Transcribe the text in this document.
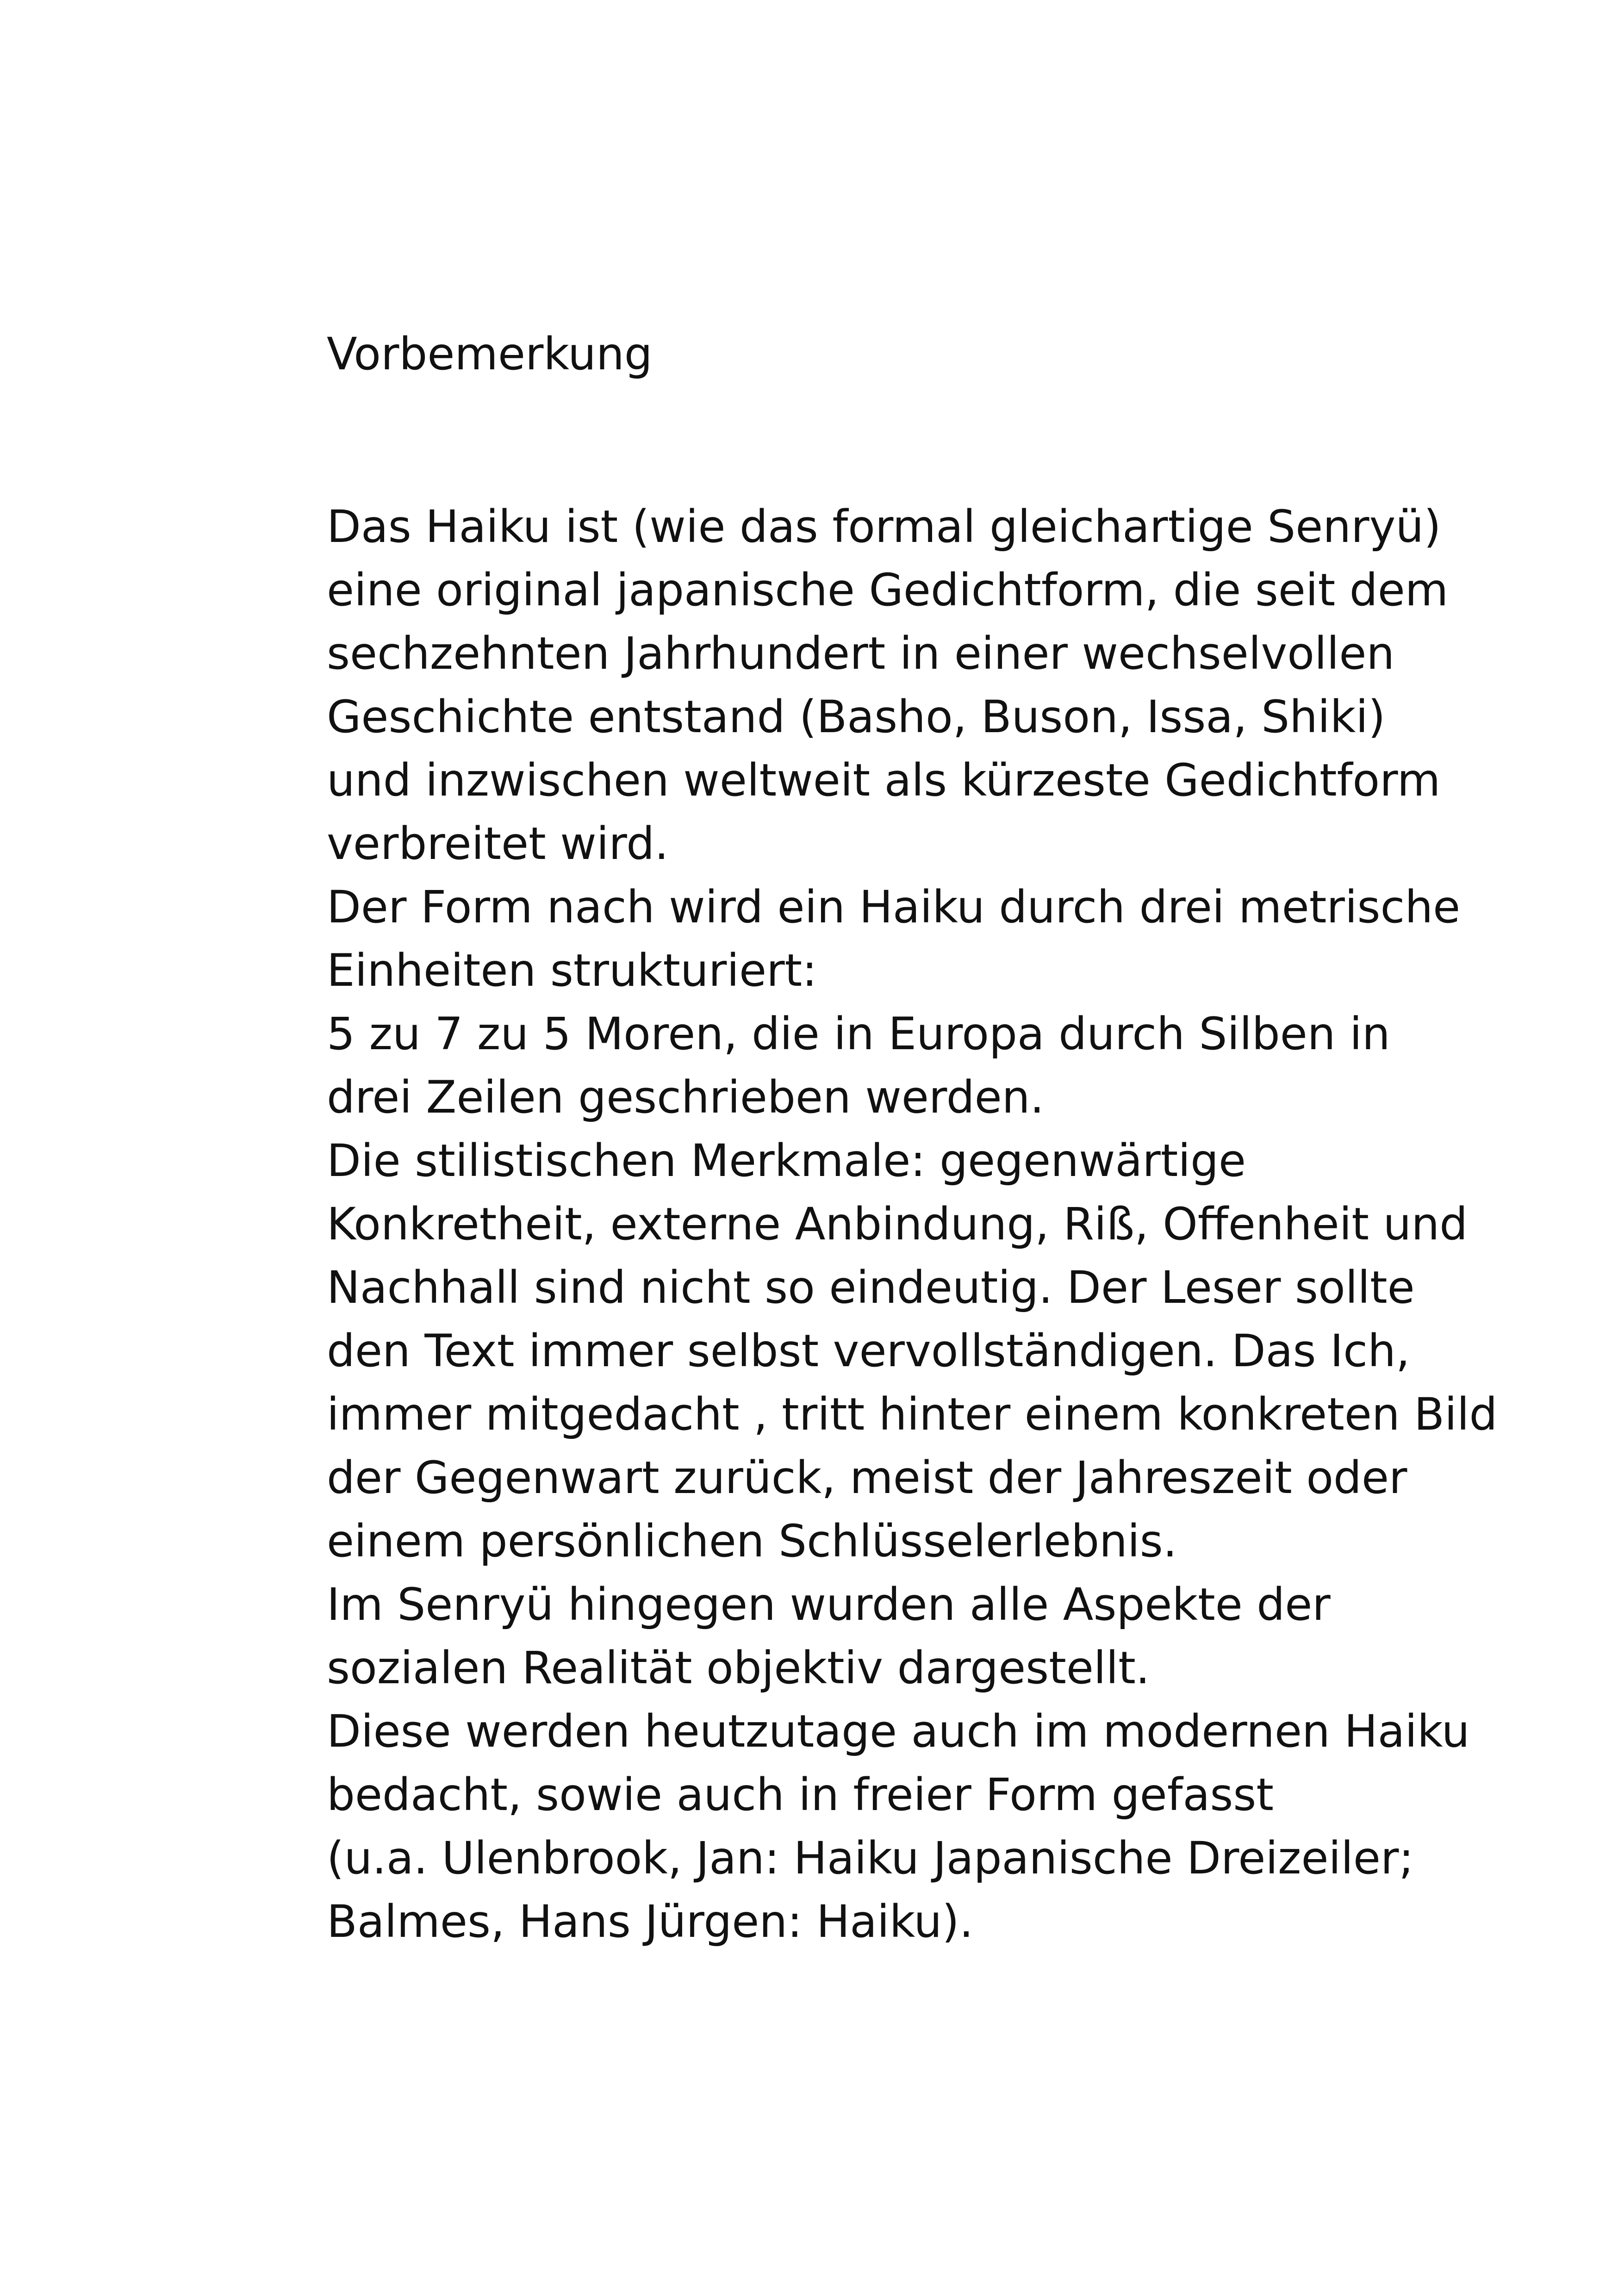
Vorbemerkung
Das Haiku ist (wie das formal gleichartige Senryü)
eine original japanische Gedichtform, die seit dem
sechzehnten Jahrhundert in einer wechselvollen
Geschichte entstand (Basho, Buson, Issa, Shiki)
und inzwischen weltweit als kürzeste Gedichtform
verbreitet wird.
Der Form nach wird ein Haiku durch drei metrische
Einheiten strukturiert:
5 zu 7 zu 5 Moren, die in Europa durch Silben in
drei Zeilen geschrieben werden.
Die stilistischen Merkmale: gegenwärtige
Konkretheit, externe Anbindung, Riß, Offenheit und
Nachhall sind nicht so eindeutig. Der Leser sollte
den Text immer selbst vervollständigen. Das Ich,
immer mitgedacht , tritt hinter einem konkreten Bild
der Gegenwart zurück, meist der Jahreszeit oder
einem persönlichen Schlüsselerlebnis.
Im Senryü hingegen wurden alle Aspekte der
sozialen Realität objektiv dargestellt.
Diese werden heutzutage auch im modernen Haiku
bedacht, sowie auch in freier Form gefasst
(u.a. Ulenbrook, Jan: Haiku Japanische Dreizeiler;
Balmes, Hans Jürgen: Haiku).
